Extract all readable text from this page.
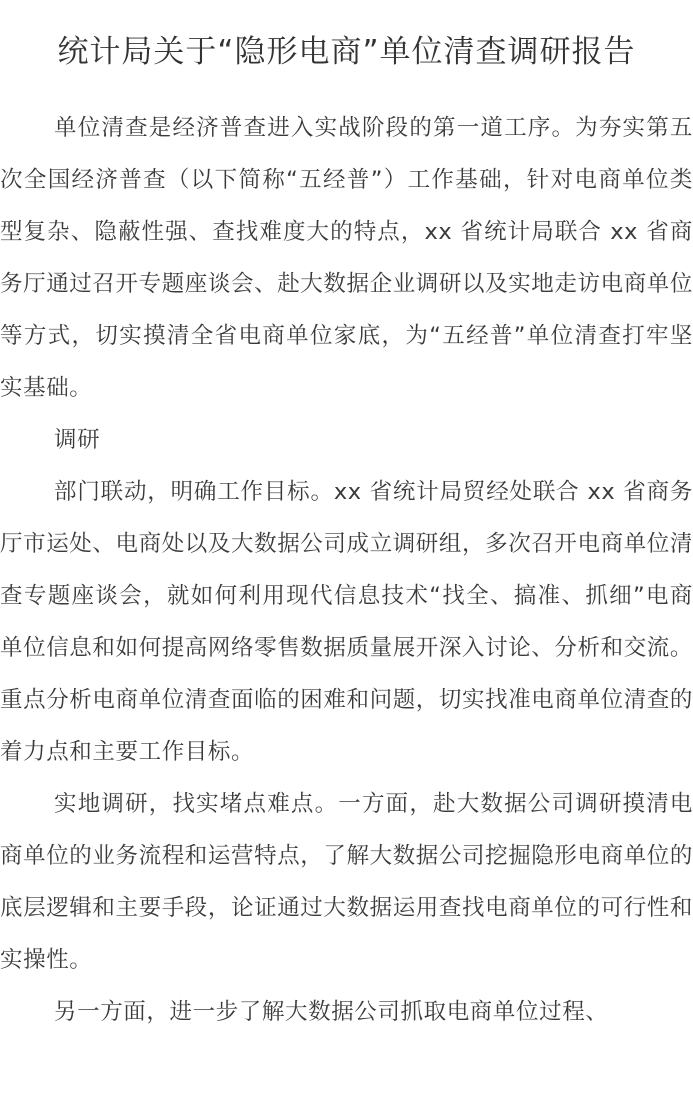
统计局关于“隐形电商”单位清查调研报告

单位清查是经济普查进入实战阶段的第一道工序。为夯实第五次全国经济普查（以下简称“五经普”）工作基础，针对电商单位类型复杂、隐蔽性强、查找难度大的特点，xx 省统计局联合 xx 省商务厅通过召开专题座谈会、赴大数据企业调研以及实地走访电商单位等方式，切实摸清全省电商单位家底，为“五经普”单位清查打牢坚实基础。

调研

部门联动，明确工作目标。xx 省统计局贸经处联合 xx 省商务厅市运处、电商处以及大数据公司成立调研组，多次召开电商单位清查专题座谈会，就如何利用现代信息技术“找全、搞准、抓细”电商单位信息和如何提高网络零售数据质量展开深入讨论、分析和交流。重点分析电商单位清查面临的困难和问题，切实找准电商单位清查的着力点和主要工作目标。

实地调研，找实堵点难点。一方面，赴大数据公司调研摸清电商单位的业务流程和运营特点，了解大数据公司挖掘隐形电商单位的底层逻辑和主要手段，论证通过大数据运用查找电商单位的可行性和实操性。

另一方面，进一步了解大数据公司抓取电商单位过程、
